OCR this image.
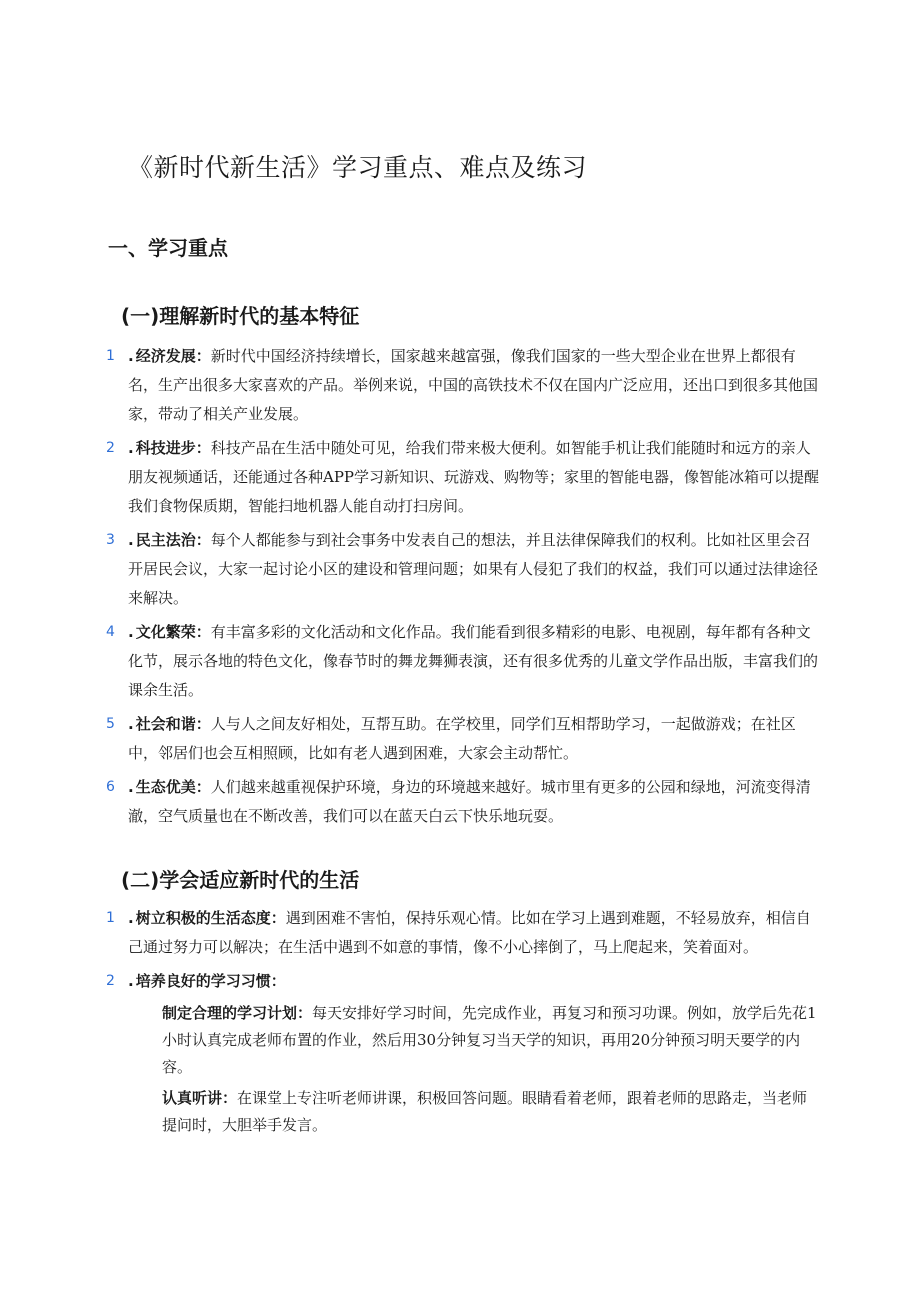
《新时代新生活》学习重点、难点及练习
一、学习重点
(一)理解新时代的基本特征
1 . 经济发展：新时代中国经济持续增长，国家越来越富强，像我们国家的一些大型企业在世界上都很有名，生产出很多大家喜欢的产品。举例来说，中国的高铁技术不仅在国内广泛应用，还出口到很多其他国家，带动了相关产业发展。
2 . 科技进步：科技产品在生活中随处可见，给我们带来极大便利。如智能手机让我们能随时和远方的亲人朋友视频通话，还能通过各种APP学习新知识、玩游戏、购物等；家里的智能电器，像智能冰箱可以提醒我们食物保质期，智能扫地机器人能自动打扫房间。
3 . 民主法治：每个人都能参与到社会事务中发表自己的想法，并且法律保障我们的权利。比如社区里会召开居民会议，大家一起讨论小区的建设和管理问题；如果有人侵犯了我们的权益，我们可以通过法律途径来解决。
4 . 文化繁荣：有丰富多彩的文化活动和文化作品。我们能看到很多精彩的电影、电视剧，每年都有各种文化节，展示各地的特色文化，像春节时的舞龙舞狮表演，还有很多优秀的儿童文学作品出版，丰富我们的课余生活。
5 . 社会和谐：人与人之间友好相处，互帮互助。在学校里，同学们互相帮助学习，一起做游戏；在社区中，邻居们也会互相照顾，比如有老人遇到困难，大家会主动帮忙。
6 . 生态优美：人们越来越重视保护环境，身边的环境越来越好。城市里有更多的公园和绿地，河流变得清澈，空气质量也在不断改善，我们可以在蓝天白云下快乐地玩耍。
(二)学会适应新时代的生活
1 . 树立积极的生活态度：遇到困难不害怕，保持乐观心情。比如在学习上遇到难题，不轻易放弃，相信自己通过努力可以解决；在生活中遇到不如意的事情，像不小心摔倒了，马上爬起来，笑着面对。
2 . 培养良好的学习习惯：
制定合理的学习计划：每天安排好学习时间，先完成作业，再复习和预习功课。例如，放学后先花1小时认真完成老师布置的作业，然后用30分钟复习当天学的知识，再用20分钟预习明天要学的内容。
认真听讲：在课堂上专注听老师讲课，积极回答问题。眼睛看着老师，跟着老师的思路走，当老师提问时，大胆举手发言。
